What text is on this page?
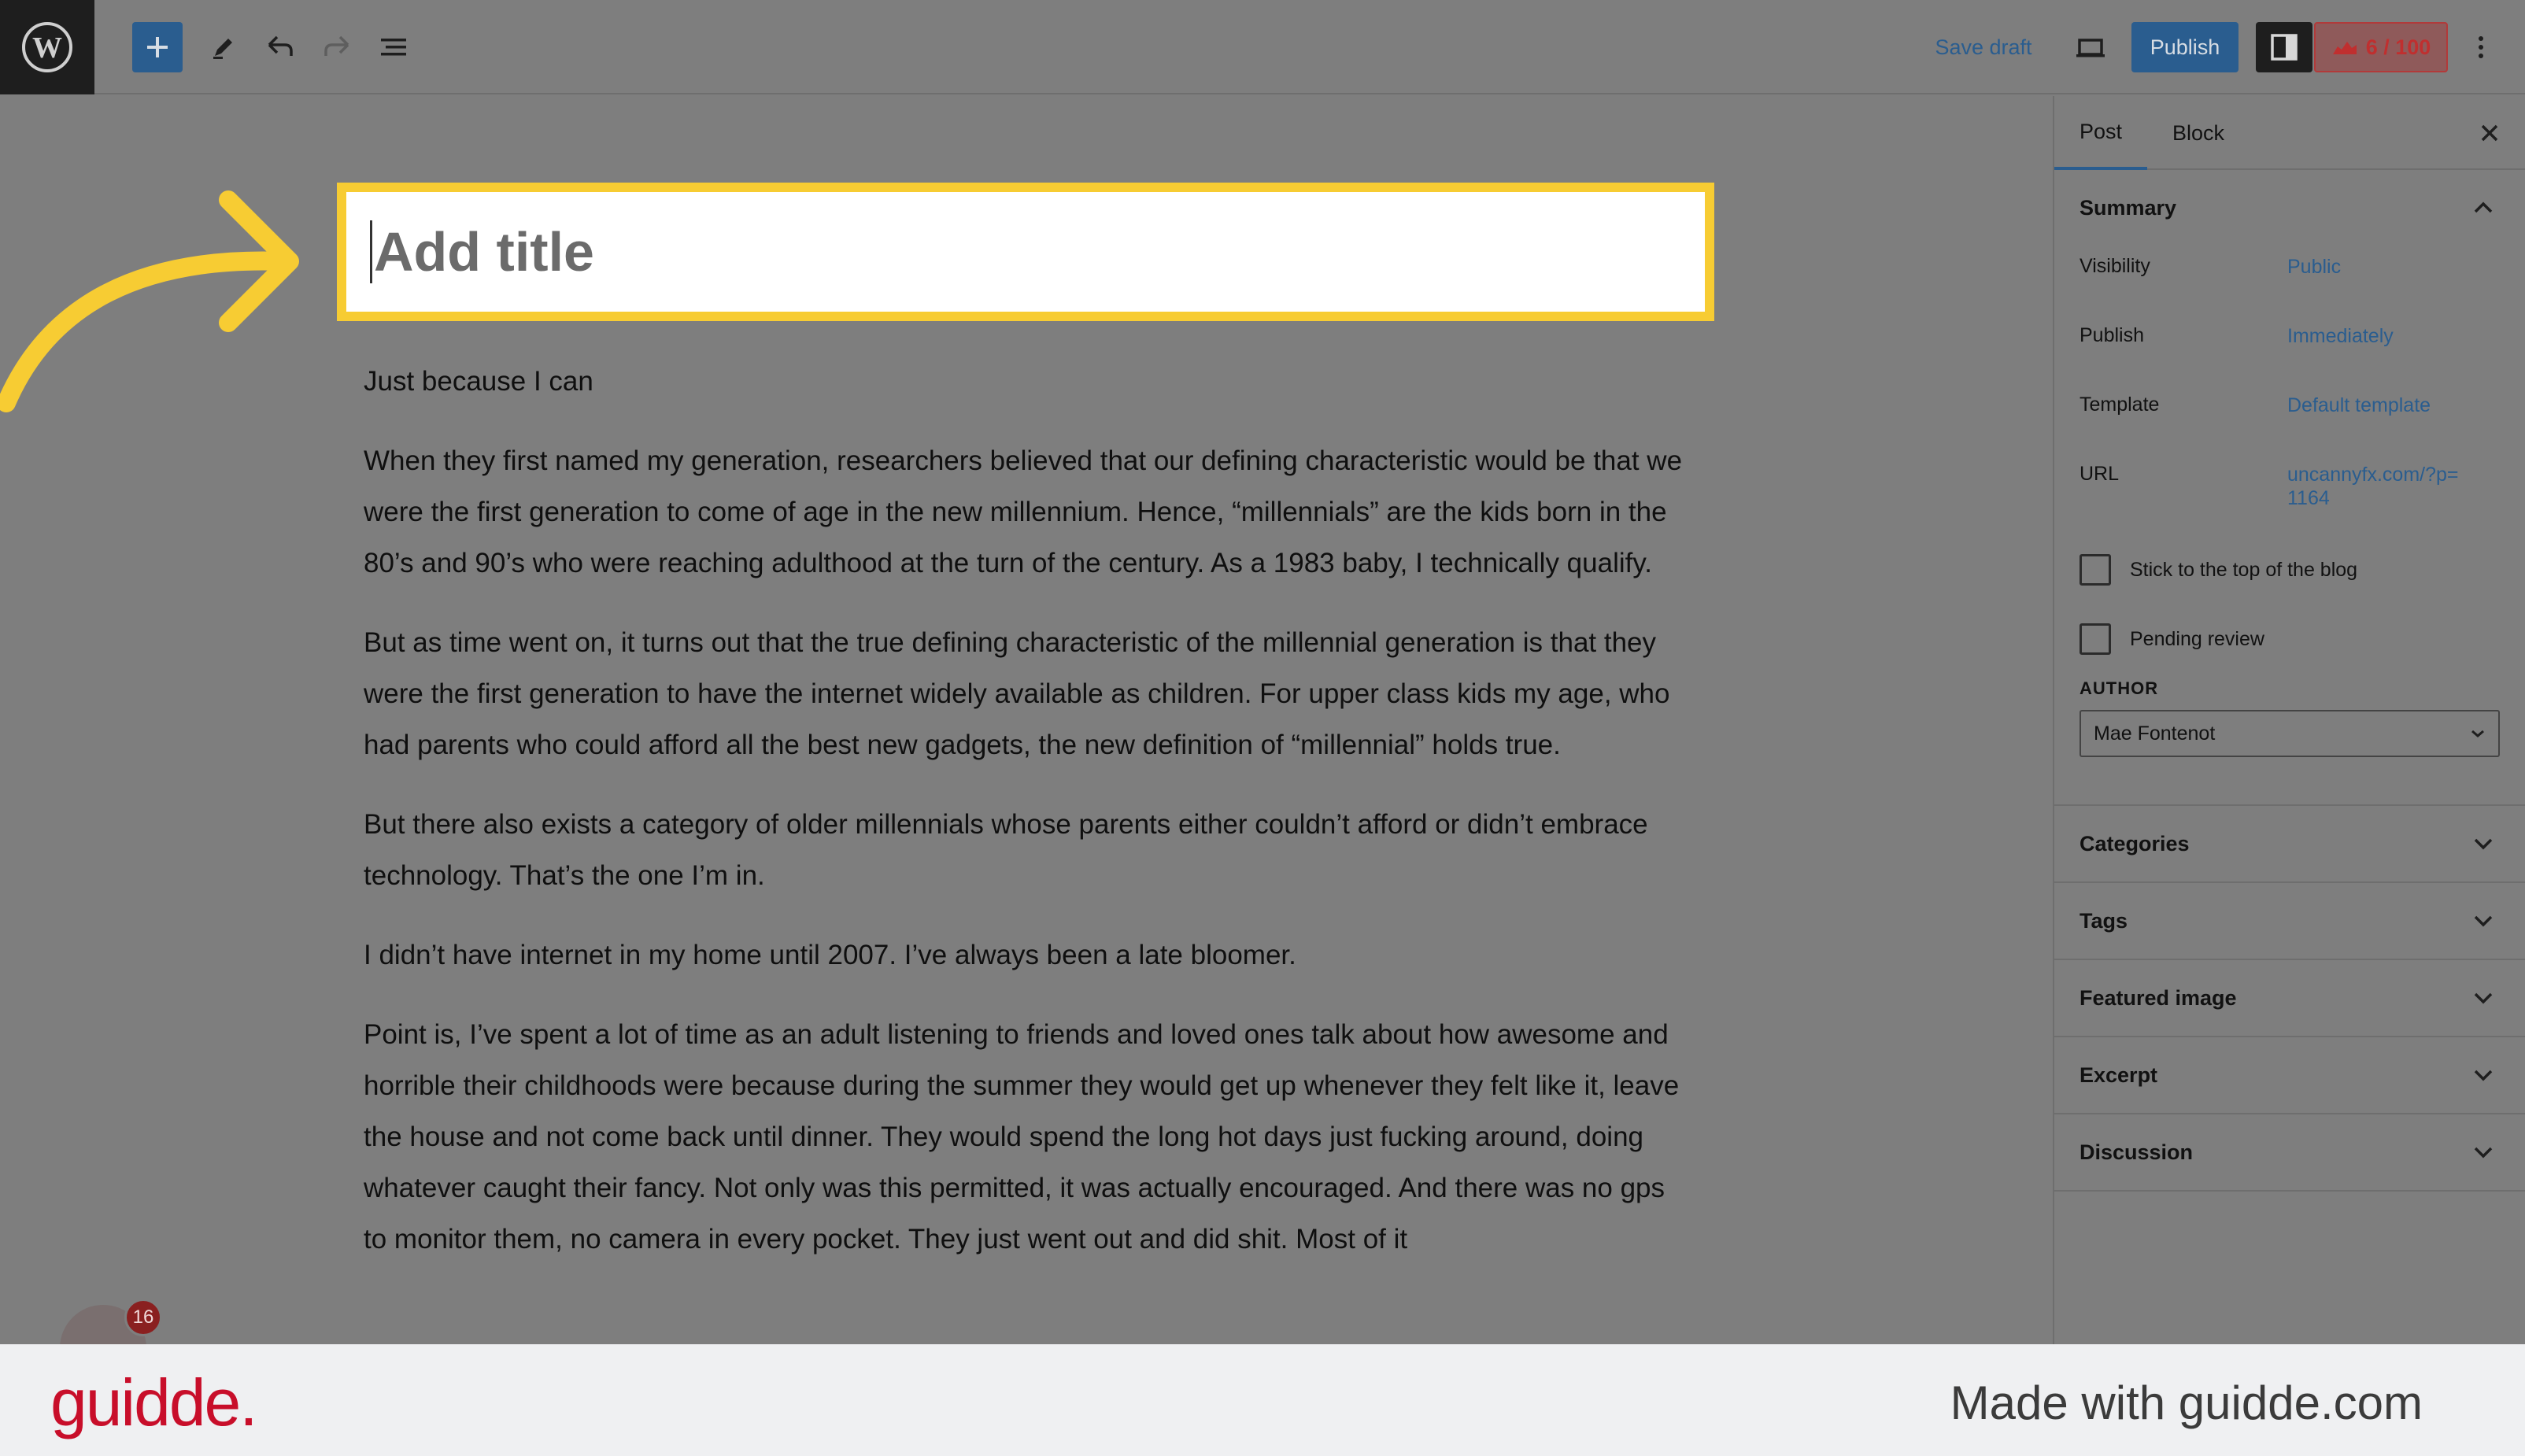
W	Save draft	Publish	6 / 100
Add title

Just because I can

When they first named my generation, researchers believed that our defining characteristic would be that we were the first generation to come of age in the new millennium. Hence, “millennials” are the kids born in the 80’s and 90’s who were reaching adulthood at the turn of the century. As a 1983 baby, I technically qualify.

But as time went on, it turns out that the true defining characteristic of the millennial generation is that they were the first generation to have the internet widely available as children. For upper class kids my age, who had parents who could afford all the best new gadgets, the new definition of “millennial” holds true.

But there also exists a category of older millennials whose parents either couldn’t afford or didn’t embrace technology. That’s the one I’m in.

I didn’t have internet in my home until 2007. I’ve always been a late bloomer.

Point is, I’ve spent a lot of time as an adult listening to friends and loved ones talk about how awesome and horrible their childhoods were because during the summer they would get up whenever they felt like it, leave the house and not come back until dinner. They would spend the long hot days just fucking around, doing whatever caught their fancy. Not only was this permitted, it was actually encouraged. And there was no gps to monitor them, no camera in every pocket. They just went out and did shit. Most of it

Post	Block
Summary
Visibility	Public
Publish	Immediately
Template	Default template
URL	uncannyfx.com/?p=1164
Stick to the top of the blog
Pending review
AUTHOR
Mae Fontenot
Categories
Tags
Featured image
Excerpt
Discussion
16
guidde.	Made with guidde.com
